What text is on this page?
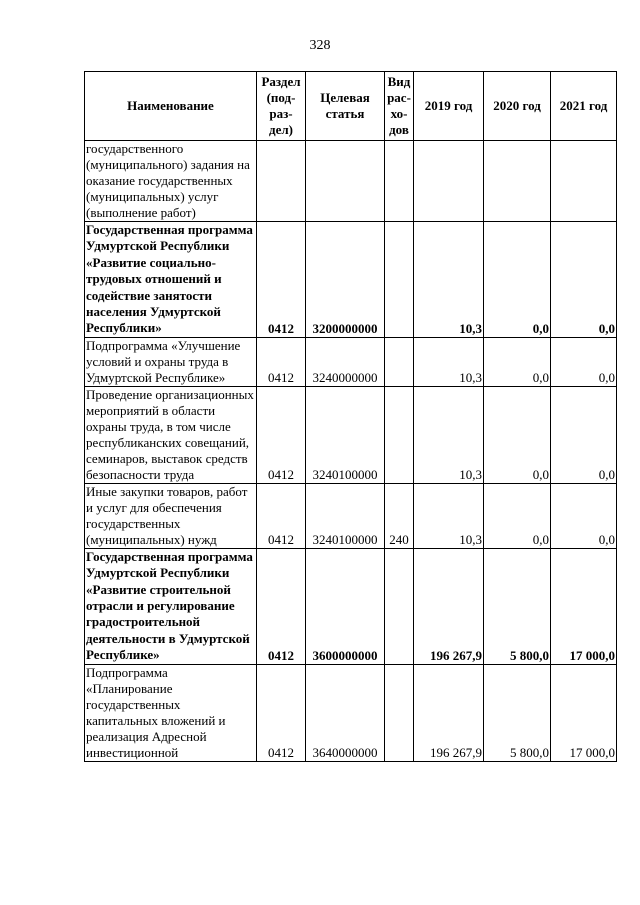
328
Наименование	Раздел (под-раз-дел)	Целевая статья	Вид рас-хо-дов	2019 год	2020 год	2021 год
государственного (муниципального) задания на оказание государственных (муниципальных) услуг (выполнение работ)						
Государственная программа Удмуртской Республики «Развитие социально-трудовых отношений и содействие занятости населения Удмуртской Республики»	0412	3200000000		10,3	0,0	0,0
Подпрограмма «Улучшение условий и охраны труда в Удмуртской Республике»	0412	3240000000		10,3	0,0	0,0
Проведение организационных мероприятий в области охраны труда, в том числе республиканских совещаний, семинаров, выставок средств безопасности труда	0412	3240100000		10,3	0,0	0,0
Иные закупки товаров, работ и услуг для обеспечения государственных (муниципальных) нужд	0412	3240100000	240	10,3	0,0	0,0
Государственная программа Удмуртской Республики «Развитие строительной отрасли и регулирование градостроительной деятельности в Удмуртской Республике»	0412	3600000000		196 267,9	5 800,0	17 000,0
Подпрограмма «Планирование государственных капитальных вложений и реализация Адресной инвестиционной	0412	3640000000		196 267,9	5 800,0	17 000,0
